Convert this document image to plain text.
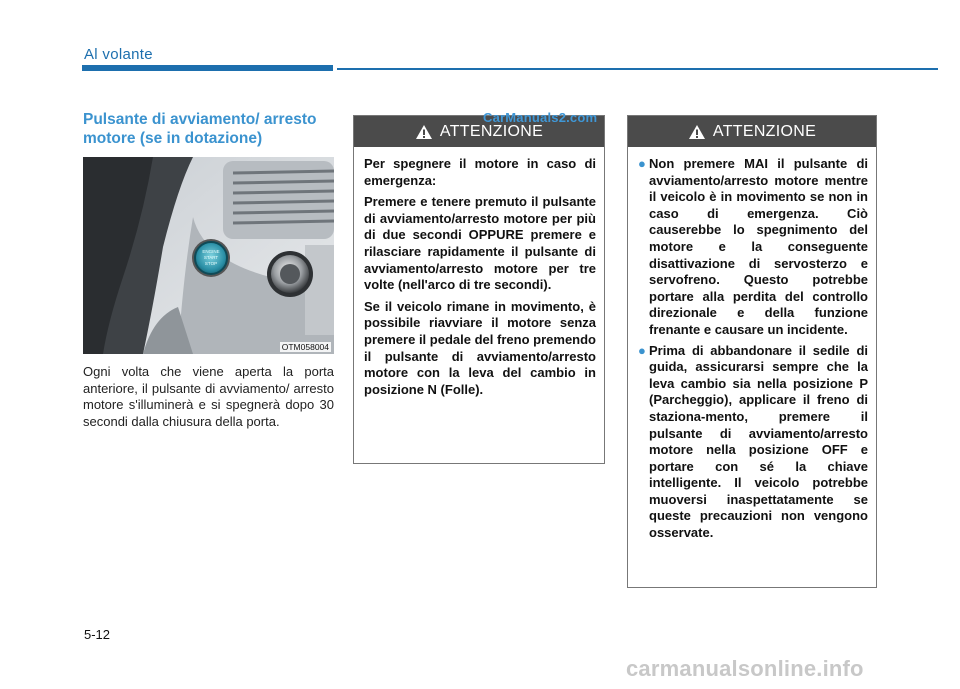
Al volante
Pulsante di avviamento/ arresto motore (se in dotazione)
ENGINE
START
STOP
OTM058004
Ogni volta che viene aperta la porta anteriore, il pulsante di avviamento/ arresto motore s'illuminerà e si spegnerà dopo 30 secondi dalla chiusura della porta.
ATTENZIONE

Per spegnere il motore in caso di emergenza:

Premere e tenere premuto il pulsante di avviamento/arresto motore per più di due secondi OPPURE premere e rilasciare rapidamente il pulsante di avviamento/arresto motore per tre volte (nell'arco di tre secondi).

Se il veicolo rimane in movimento, è possibile riavviare il motore senza premere il pedale del freno premendo il pulsante di avviamento/arresto motore con la leva del cambio in posizione N (Folle).

ATTENZIONE
● Non premere MAI il pulsante di avviamento/arresto motore mentre il veicolo è in movimento se non in caso di emergenza. Ciò causerebbe lo spegnimento del motore e la conseguente disattivazione di servosterzo e servofreno. Questo potrebbe portare alla perdita del controllo direzionale e della funzione frenante e causare un incidente.
● Prima di abbandonare il sedile di guida, assicurarsi sempre che la leva cambio sia nella posizione P (Parcheggio), applicare il freno di staziona-mento, premere il pulsante di avviamento/arresto motore nella posizione OFF e portare con sé la chiave intelligente. Il veicolo potrebbe muoversi inaspettatamente se queste precauzioni non vengono osservate.
CarManuals2.com
5-12
carmanualsonline.info
